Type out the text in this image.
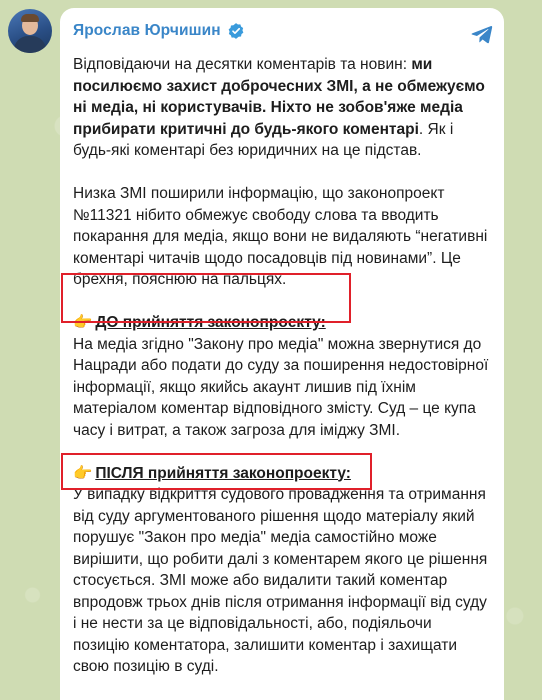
Ярослав Юрчишин

Відповідаючи на десятки коментарів та новин: ми посилюємо захист доброчесних ЗМІ, а не обмежуємо ні медіа, ні користувачів. Ніхто не зобов'яже медіа прибирати критичні до будь-якого коментарі. Як і будь-які коментарі без юридичних на це підстав.

Низка ЗМІ поширили інформацію, що законопроект №11321 нібито обмежує свободу слова та вводить покарання для медіа, якщо вони не видаляють “негативні коментарі читачів щодо посадовців під новинами”. Це брехня, пояснюю на пальцях.

👉 ДО прийняття законопроекту:

На медіа згідно "Закону про медіа" можна звернутися до Нацради або подати до суду за поширення недостовірної інформації, якщо якийсь акаунт лишив під їхнім матеріалом коментар відповідного змісту. Суд – це купа часу і витрат, а також загроза для іміджу ЗМІ.

👉 ПІСЛЯ прийняття законопроекту:

У випадку відкриття судового провадження та отримання від суду аргументованого рішення щодо матеріалу який порушує "Закон про медіа" медіа самостійно може вирішити, що робити далі з коментарем якого це рішення стосується. ЗМІ може або видалити такий коментар впродовж трьох днів після отримання інформації від суду і не нести за це відповідальності, або, подіяльочи позицію коментатора, залишити коментар і захищати свою позицію в суді.
